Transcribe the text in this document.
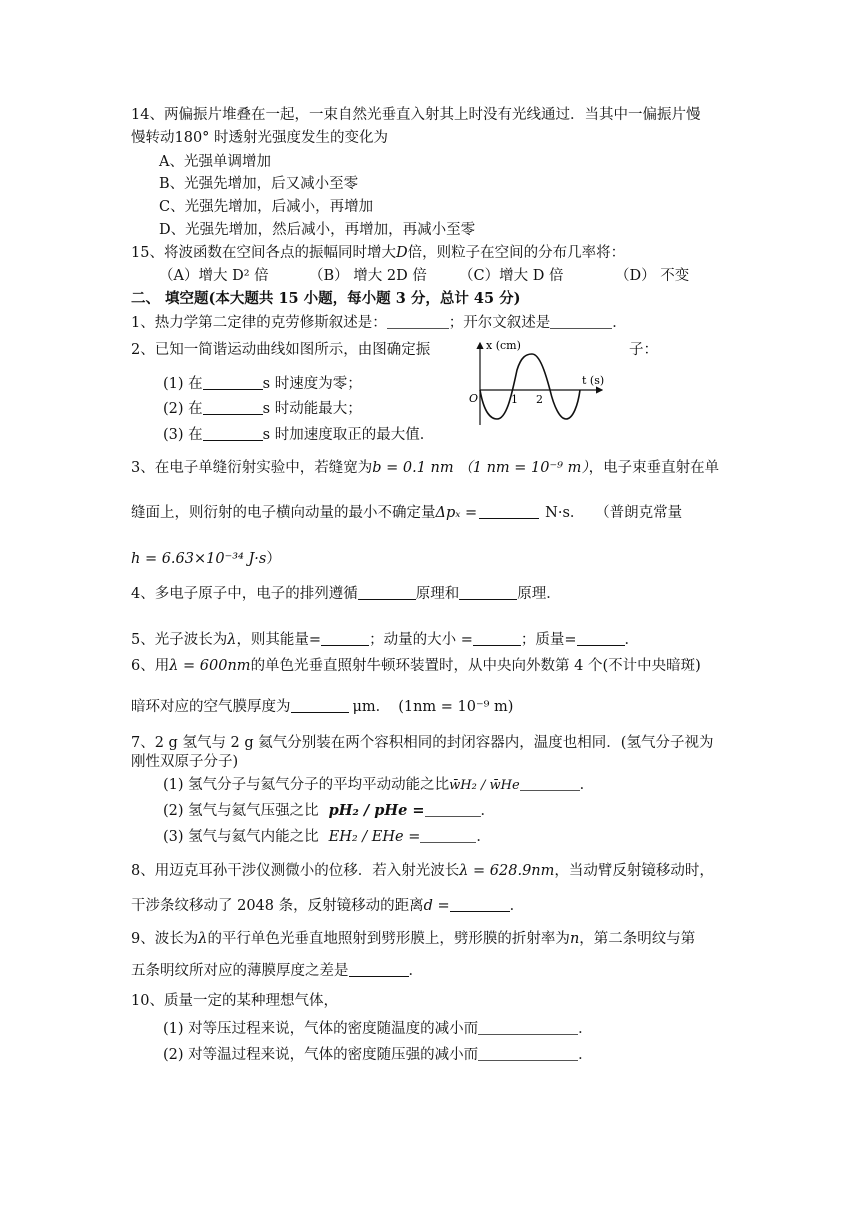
14、两偏振片堆叠在一起，一束自然光垂直入射其上时没有光线通过．当其中一偏振片慢
慢转动180° 时透射光强度发生的变化为
A、光强单调增加
B、光强先增加，后又减小至零
C、光强先增加，后减小，再增加
D、光强先增加，然后减小，再增加，再减小至零
15、将波函数在空间各点的振幅同时增大D倍，则粒子在空间的分布几率将：
（A）增大 D² 倍	（B） 增大 2D 倍 （C）增大 D 倍	（D） 不变
二、 填空题(本大题共 15 小题，每小题 3 分，总计 45 分)
1、热力学第二定律的克劳修斯叙述是：	；开尔文叙述是	．
2、已知一简谐运动曲线如图所示，由图确定振	子：
(1) 在	s 时速度为零；
(2) 在	s 时动能最大；
(3) 在	s 时加速度取正的最大值．
x (cm)
t (s)
O	1 2
3、在电子单缝衍射实验中，若缝宽为b = 0.1 nm （1 nm = 10⁻⁹ m），电子束垂直射在单
缝面上，则衍射的电子横向动量的最小不确定量Δpₓ =	N·s． （普朗克常量
h = 6.63×10⁻³⁴ J·s）
4、多电子原子中，电子的排列遵循	原理和	原理．
5、光子波长为λ，则其能量=	；动量的大小 =	；质量=	．
6、用λ = 600nm的单色光垂直照射牛顿环装置时，从中央向外数第 4 个(不计中央暗斑)
暗环对应的空气膜厚度为	μm． (1nm = 10⁻⁹ m)
7、2 g 氢气与 2 g 氦气分别装在两个容积相同的封闭容器内，温度也相同．(氢气分子视为
刚性双原子分子)
(1) 氢气分子与氦气分子的平均平动动能之比w̄H₂ / w̄He	．
(2) 氢气与氦气压强之比 pH₂ / pHe =	．
(3) 氢气与氦气内能之比 EH₂ / EHe =	．
8、用迈克耳孙干涉仪测微小的位移．若入射光波长λ = 628.9nm，当动臂反射镜移动时，
干涉条纹移动了 2048 条，反射镜移动的距离d =	．
9、波长为λ的平行单色光垂直地照射到劈形膜上，劈形膜的折射率为n，第二条明纹与第
五条明纹所对应的薄膜厚度之差是	．
10、质量一定的某种理想气体，
(1) 对等压过程来说，气体的密度随温度的减小而	．
(2) 对等温过程来说，气体的密度随压强的减小而	．
